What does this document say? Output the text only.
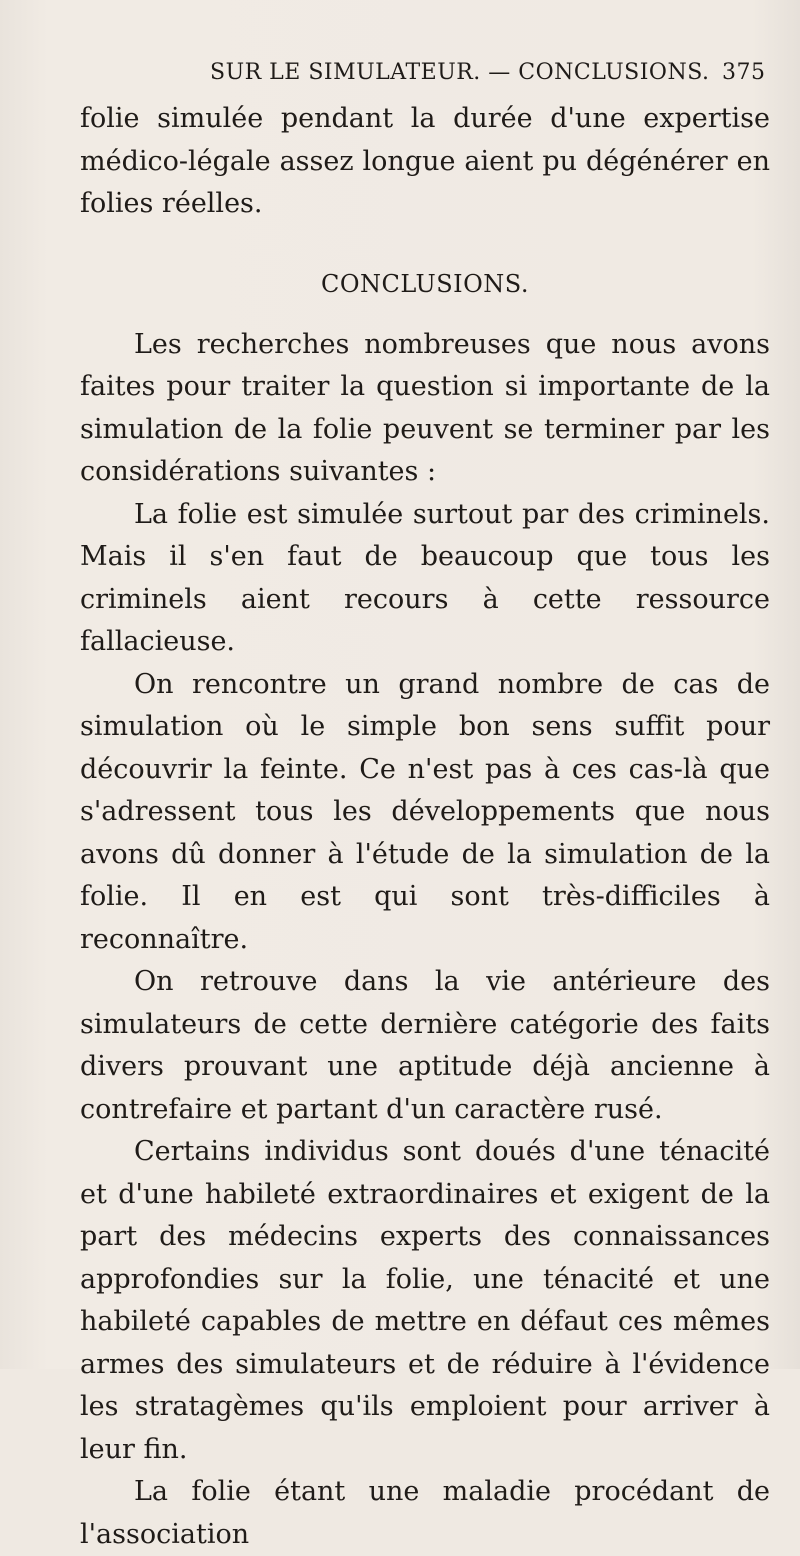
SUR LE SIMULATEUR. — CONCLUSIONS. 375

folie simulée pendant la durée d'une expertise médico-légale assez longue aient pu dégénérer en folies réelles.

CONCLUSIONS.

Les recherches nombreuses que nous avons faites pour traiter la question si importante de la simulation de la folie peuvent se terminer par les considérations suivantes :

La folie est simulée surtout par des criminels. Mais il s'en faut de beaucoup que tous les criminels aient recours à cette ressource fallacieuse.

On rencontre un grand nombre de cas de simulation où le simple bon sens suffit pour découvrir la feinte. Ce n'est pas à ces cas-là que s'adressent tous les développements que nous avons dû donner à l'étude de la simulation de la folie. Il en est qui sont très-difficiles à reconnaître.

On retrouve dans la vie antérieure des simulateurs de cette dernière catégorie des faits divers prouvant une aptitude déjà ancienne à contrefaire et partant d'un caractère rusé.

Certains individus sont doués d'une ténacité et d'une habileté extraordinaires et exigent de la part des médecins experts des connaissances approfondies sur la folie, une ténacité et une habileté capables de mettre en défaut ces mêmes armes des simulateurs et de réduire à l'évidence les stratagèmes qu'ils emploient pour arriver à leur fin.

La folie étant une maladie procédant de l'association
